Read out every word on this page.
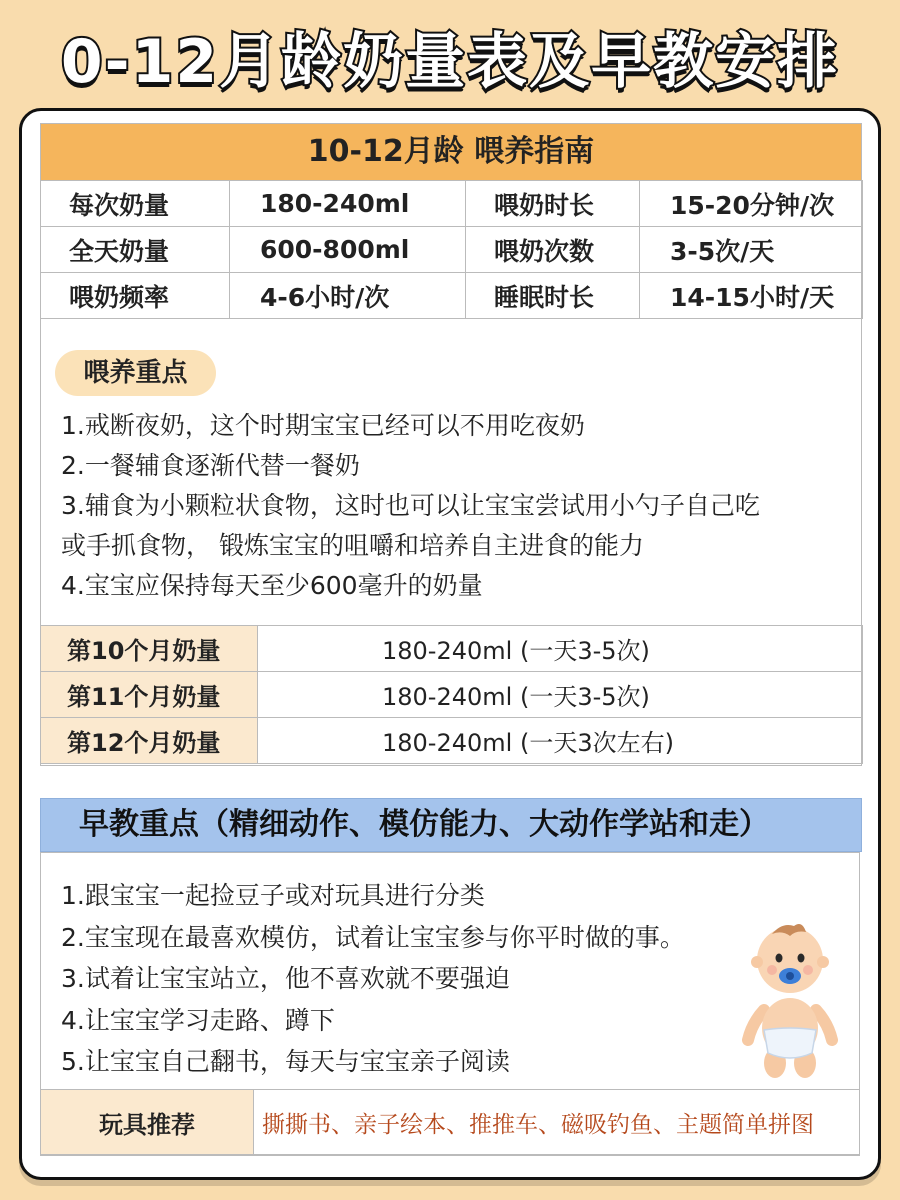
0-12月龄奶量表及早教安排
10-12月龄 喂养指南
每次奶量	180-240ml	喂奶时长	15-20分钟/次
全天奶量	600-800ml	喂奶次数	3-5次/天
喂奶频率	4-6小时/次	睡眠时长	14-15小时/天
喂养重点
1.戒断夜奶，这个时期宝宝已经可以不用吃夜奶
2.一餐辅食逐渐代替一餐奶
3.辅食为小颗粒状食物，这时也可以让宝宝尝试用小勺子自己吃
或手抓食物， 锻炼宝宝的咀嚼和培养自主进食的能力
4.宝宝应保持每天至少600毫升的奶量
第10个月奶量	180-240ml (一天3-5次)
第11个月奶量	180-240ml (一天3-5次)
第12个月奶量	180-240ml (一天3次左右)
早教重点（精细动作、模仿能力、大动作学站和走）
1.跟宝宝一起捡豆子或对玩具进行分类
2.宝宝现在最喜欢模仿，试着让宝宝参与你平时做的事。
3.试着让宝宝站立，他不喜欢就不要强迫
4.让宝宝学习走路、蹲下
5.让宝宝自己翻书，每天与宝宝亲子阅读
玩具推荐	撕撕书、亲子绘本、推推车、磁吸钓鱼、主题简单拼图
